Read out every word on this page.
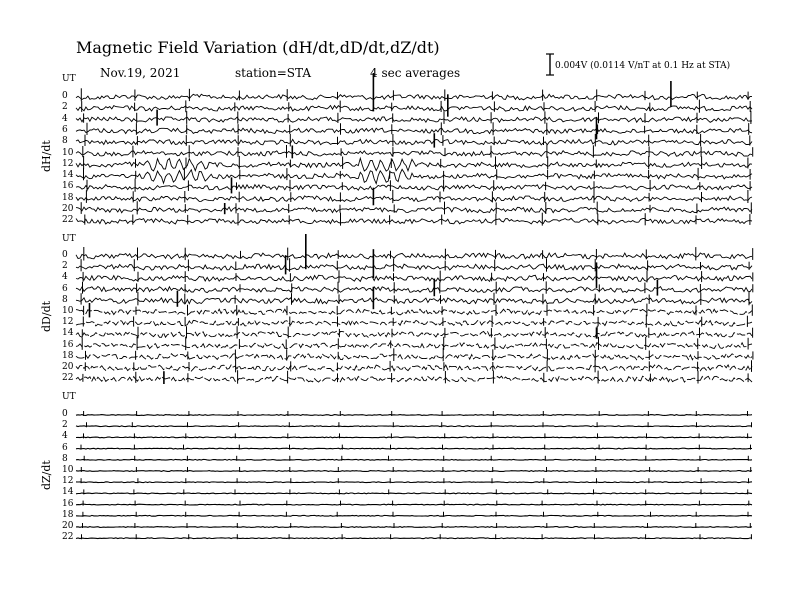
Magnetic Field Variation (dH/dt,dD/dt,dZ/dt)
Nov.19, 2021	station=STA	4 sec averages	0.004V (0.0114 V/nT at 0.1 Hz at STA)
UT
UT
UT
dH/dt
dD/dt
dZ/dt
0
2
4
6
8
10
12
14
16
18
20
22
0
2
4
6
8
10
12
14
16
18
20
22
0
2
4
6
8
10
12
14
16
18
20
22
